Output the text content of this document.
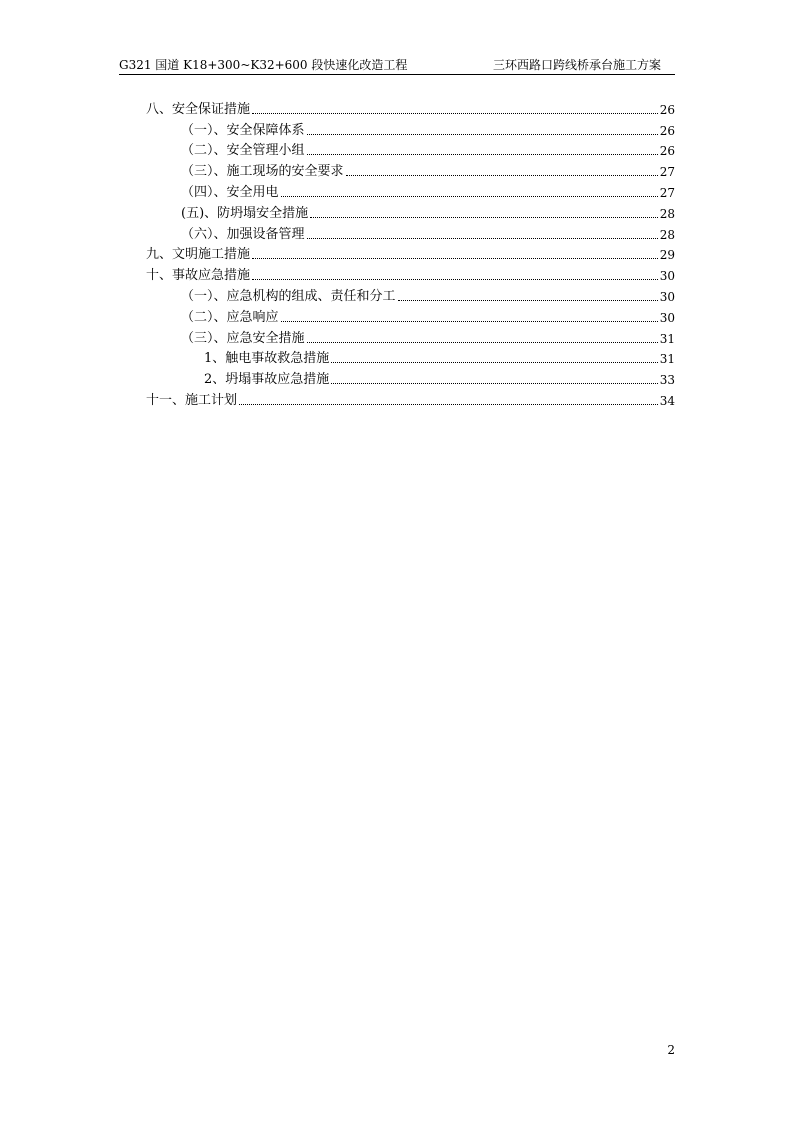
G321 国道 K18+300~K32+600 段快速化改造工程	三环西路口跨线桥承台施工方案
八、安全保证措施	26
（一）、安全保障体系	26
（二）、安全管理小组	26
（三）、施工现场的安全要求	27
（四）、安全用电	27
(五)、防坍塌安全措施	28
（六）、加强设备管理	28
九、文明施工措施	29
十、事故应急措施	30
（一）、应急机构的组成、责任和分工	30
（二）、应急响应	30
（三）、应急安全措施	31
1、触电事故救急措施	31
2、坍塌事故应急措施	33
十一、施工计划	34
2
